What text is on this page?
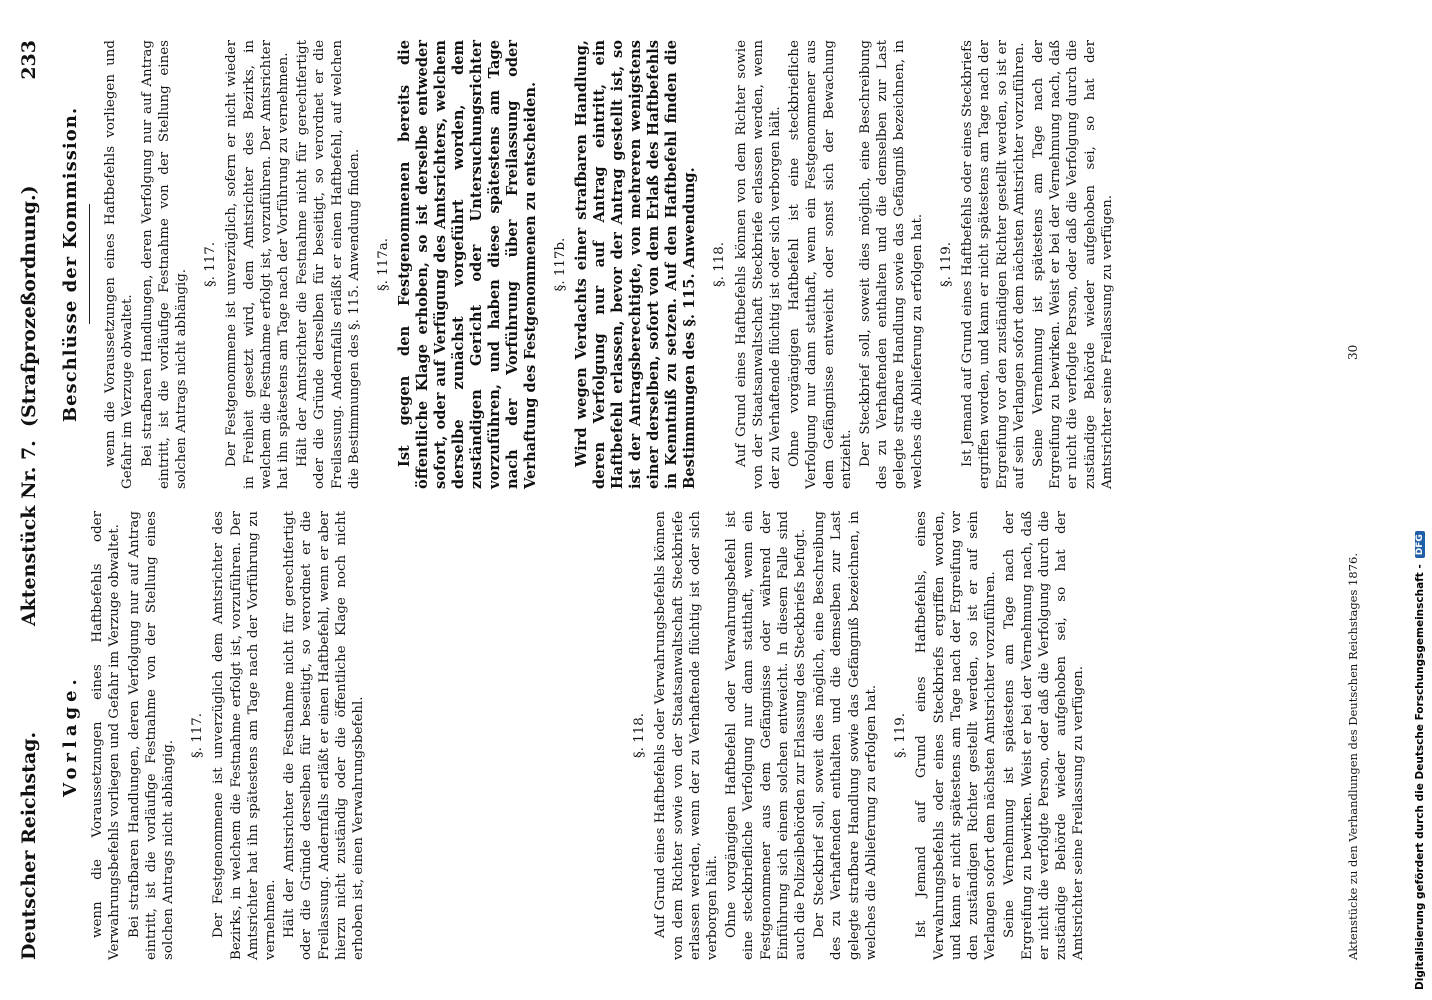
Deutscher Reichstag.
Aktenstück Nr. 7.  (Strafprozeßordnung.)
233
Vorlage. wenn die Voraussetzungen eines Haftbefehls oder Verwahrungsbefehls vorliegen und Gefahr im Verzuge obwaltet. Bei strafbaren Handlungen, deren Verfolgung nur auf Antrag eintritt, ist die vorläufige Festnahme von der Stellung eines solchen Antrags nicht abhängig.

§. 117. Der Festgenommene ist unverzüglich dem Amtsrichter des Bezirks, in welchem die Festnahme erfolgt ist, vorzuführen. Der Amtsrichter hat ihn spätestens am Tage nach der Vorführung zu vernehmen. Hält der Amtsrichter die Festnahme nicht für gerechtfertigt oder die Gründe derselben für beseitigt, so verordnet er die Freilassung. Andernfalls erläßt er einen Haftbefehl, wenn er aber hierzu nicht zuständig oder die öffentliche Klage noch nicht erhoben ist, einen Verwahrungsbefehl.	§. 118. Auf Grund eines Haftbefehls oder Verwahrungsbefehls können von dem Richter sowie von der Staatsanwaltschaft Steckbriefe erlassen werden, wenn der zu Verhaftende flüchtig ist oder sich verborgen hält. Ohne vorgängigen Haftbefehl oder Verwahrungsbefehl ist eine steckbriefliche Verfolgung nur dann statthaft, wenn ein Festgenommener aus dem Gefängnisse oder während der Einführung sich einem solchen entweicht. In diesem Falle sind auch die Polizeibehörden zur Erlassung des Steckbriefs befugt. Der Steckbrief soll, soweit dies möglich, eine Beschreibung des zu Verhaftenden enthalten und die demselben zur Last gelegte strafbare Handlung sowie das Gefängniß bezeichnen, in welches die Ablieferung zu erfolgen hat. §. 119. Ist Jemand auf Grund eines Haftbefehls, eines Verwahrungsbefehls oder eines Steckbriefs ergriffen worden, und kann er nicht spätestens am Tage nach der Ergreifung vor den zuständigen Richter gestellt werden, so ist er auf sein Verlangen sofort dem nächsten Amtsrichter vorzuführen. Seine Vernehmung ist spätestens am Tage nach der Ergreifung zu bewirken. Weist er bei der Vernehmung nach, daß er nicht die verfolgte Person, oder daß die Verfolgung durch die zuständige Behörde wieder aufgehoben sei, so hat der Amtsrichter seine Freilassung zu verfügen.

Beschlüsse der Kommission. wenn die Voraussetzungen eines Haftbefehls vorliegen und Gefahr im Verzuge obwaltet. Bei strafbaren Handlungen, deren Verfolgung nur auf Antrag eintritt, ist die vorläufige Festnahme von der Stellung eines solchen Antrags nicht abhängig.

§. 117. Der Festgenommene ist unverzüglich, sofern er nicht wieder in Freiheit gesetzt wird, dem Amtsrichter des Bezirks, in welchem die Festnahme erfolgt ist, vorzuführen. Der Amtsrichter hat ihn spätestens am Tage nach der Vorführung zu vernehmen. Hält der Amtsrichter die Festnahme nicht für gerechtfertigt oder die Gründe derselben für beseitigt, so verordnet er die Freilassung. Andernfalls erläßt er einen Haftbefehl, auf welchen die Bestimmungen des §. 115. Anwendung finden. §. 117a. Ist gegen den Festgenommenen bereits die öffentliche Klage erhoben, so ist derselbe entweder sofort, oder auf Verfügung des Amtsrichters, welchem derselbe zunächst vorgeführt worden, dem zuständigen Gericht oder Untersuchungsrichter vorzuführen, und haben diese spätestens am Tage nach der Vorführung über Freilassung oder Verhaftung des Festgenommenen zu entscheiden. §. 117b. Wird wegen Verdachts einer strafbaren Handlung, deren Verfolgung nur auf Antrag eintritt, ein Haftbefehl erlassen, bevor der Antrag gestellt ist, so ist der Antragsberechtigte, von mehreren wenigstens einer derselben, sofort von dem Erlaß des Haftbefehls in Kenntniß zu setzen. Auf den Haftbefehl finden die Bestimmungen des §. 115. Anwendung. §. 118. Auf Grund eines Haftbefehls können von dem Richter sowie von der Staatsanwaltschaft Steckbriefe erlassen werden, wenn der zu Verhaftende flüchtig ist oder sich verborgen hält. Ohne vorgängigen Haftbefehl ist eine steckbriefliche Verfolgung nur dann statthaft, wenn ein Festgenommener aus dem Gefängnisse entweicht oder sonst sich der Bewachung entzieht. Der Steckbrief soll, soweit dies möglich, eine Beschreibung des zu Verhaftenden enthalten und die demselben zur Last gelegte strafbare Handlung sowie das Gefängniß bezeichnen, in welches die Ablieferung zu erfolgen hat. §. 119. Ist Jemand auf Grund eines Haftbefehls oder eines Steckbriefs ergriffen worden, und kann er nicht spätestens am Tage nach der Ergreifung vor den zuständigen Richter gestellt werden, so ist er auf sein Verlangen sofort dem nächsten Amtsrichter vorzuführen. Seine Vernehmung ist spätestens am Tage nach der Ergreifung zu bewirken. Weist er bei der Vernehmung nach, daß er nicht die verfolgte Person, oder daß die Verfolgung durch die zuständige Behörde wieder aufgehoben sei, so hat der Amtsrichter seine Freilassung zu verfügen.

Aktenstücke zu den Verhandlungen des Deutschen Reichstages 1876.
30
Digitalisierung gefördert durch die Deutsche Forschungsgemeinschaft -
DFG
